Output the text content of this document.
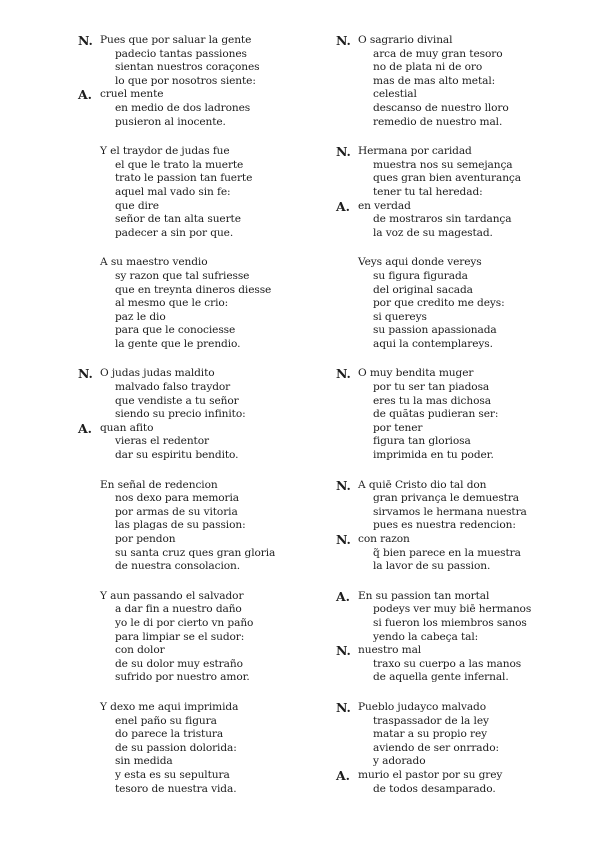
N. Pues que por saluar la gente
padecio tantas passiones
sientan nuestros coraçones
lo que por nosotros siente:
A. cruel mente
en medio de dos ladrones
pusieron al inocente.
Y el traydor de judas fue
el que le trato la muerte
trato le passion tan fuerte
aquel mal vado sin fe:
que dire
señor de tan alta suerte
padecer a sin por que.
A su maestro vendio
sy razon que tal sufriesse
que en treynta dineros diesse
al mesmo que le crio:
paz le dio
para que le conociesse
la gente que le prendio.
N. O judas judas maldito
malvado falso traydor
que vendiste a tu señor
siendo su precio infinito:
A. quan afito
vieras el redentor
dar su espiritu bendito.
En señal de redencion
nos dexo para memoria
por armas de su vitoria
las plagas de su passion:
por pendon
su santa cruz ques gran gloria
de nuestra consolacion.
Y aun passando el salvador
a dar fin a nuestro daño
yo le di por cierto vn paño
para limpiar se el sudor:
con dolor
de su dolor muy estraño
sufrido por nuestro amor.
Y dexo me aqui imprimida
enel paño su figura
do parece la tristura
de su passion dolorida:
sin medida
y esta es su sepultura
tesoro de nuestra vida.
N. O sagrario divinal
arca de muy gran tesoro
no de plata ni de oro
mas de mas alto metal:
celestial
descanso de nuestro lloro
remedio de nuestro mal.
N. Hermana por caridad
muestra nos su semejança
ques gran bien aventurança
tener tu tal heredad:
A. en verdad
de mostraros sin tardança
la voz de su magestad.
Veys aqui donde vereys
su figura figurada
del original sacada
por que credito me deys:
si quereys
su passion apassionada
aqui la contemplareys.
N. O muy bendita muger
por tu ser tan piadosa
eres tu la mas dichosa
de quãtas pudieran ser:
por tener
figura tan gloriosa
imprimida en tu poder.
N. A quiē Cristo dio tal don
gran privança le demuestra
sirvamos le hermana nuestra
pues es nuestra redencion:
N. con razon
q̃ bien parece en la muestra
la lavor de su passion.
A. En su passion tan mortal
podeys ver muy biē hermanos
si fueron los miembros sanos
yendo la cabeça tal:
N. nuestro mal
traxo su cuerpo a las manos
de aquella gente infernal.
N. Pueblo judayco malvado
traspassador de la ley
matar a su propio rey
aviendo de ser onrrado:
y adorado
A. murio el pastor por su grey
de todos desamparado.
